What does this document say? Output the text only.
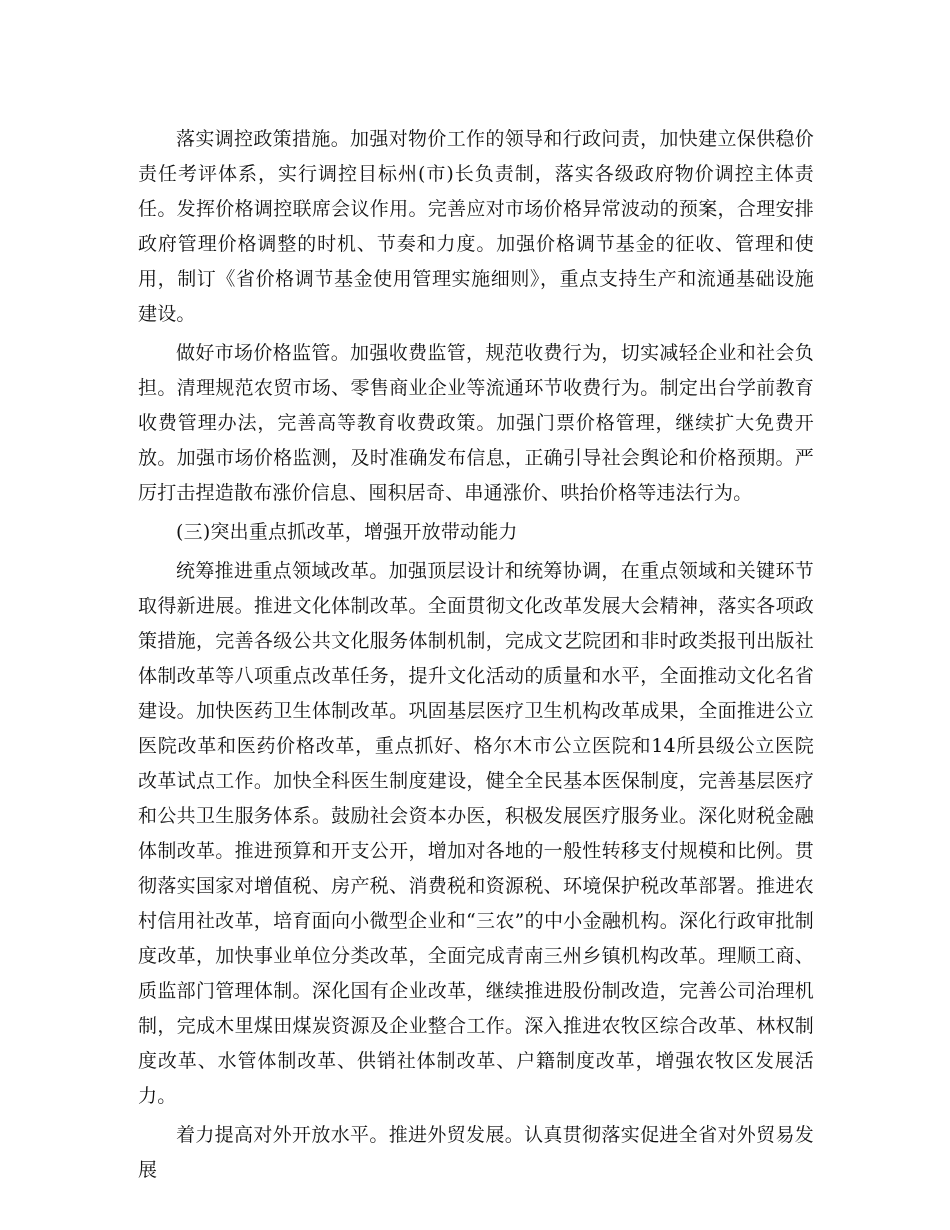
落实调控政策措施。加强对物价工作的领导和行政问责，加快建立保供稳价责任考评体系，实行调控目标州(市)长负责制，落实各级政府物价调控主体责任。发挥价格调控联席会议作用。完善应对市场价格异常波动的预案，合理安排政府管理价格调整的时机、节奏和力度。加强价格调节基金的征收、管理和使用，制订《省价格调节基金使用管理实施细则》，重点支持生产和流通基础设施建设。

做好市场价格监管。加强收费监管，规范收费行为，切实减轻企业和社会负担。清理规范农贸市场、零售商业企业等流通环节收费行为。制定出台学前教育收费管理办法，完善高等教育收费政策。加强门票价格管理，继续扩大免费开放。加强市场价格监测，及时准确发布信息，正确引导社会舆论和价格预期。严厉打击捏造散布涨价信息、囤积居奇、串通涨价、哄抬价格等违法行为。

(三)突出重点抓改革，增强开放带动能力

统筹推进重点领域改革。加强顶层设计和统筹协调，在重点领域和关键环节取得新进展。推进文化体制改革。全面贯彻文化改革发展大会精神，落实各项政策措施，完善各级公共文化服务体制机制，完成文艺院团和非时政类报刊出版社体制改革等八项重点改革任务，提升文化活动的质量和水平，全面推动文化名省建设。加快医药卫生体制改革。巩固基层医疗卫生机构改革成果，全面推进公立医院改革和医药价格改革，重点抓好、格尔木市公立医院和14所县级公立医院改革试点工作。加快全科医生制度建设，健全全民基本医保制度，完善基层医疗和公共卫生服务体系。鼓励社会资本办医，积极发展医疗服务业。深化财税金融体制改革。推进预算和开支公开，增加对各地的一般性转移支付规模和比例。贯彻落实国家对增值税、房产税、消费税和资源税、环境保护税改革部署。推进农村信用社改革，培育面向小微型企业和“三农”的中小金融机构。深化行政审批制度改革，加快事业单位分类改革，全面完成青南三州乡镇机构改革。理顺工商、质监部门管理体制。深化国有企业改革，继续推进股份制改造，完善公司治理机制，完成木里煤田煤炭资源及企业整合工作。深入推进农牧区综合改革、林权制度改革、水管体制改革、供销社体制改革、户籍制度改革，增强农牧区发展活力。

着力提高对外开放水平。推进外贸发展。认真贯彻落实促进全省对外贸易发展
